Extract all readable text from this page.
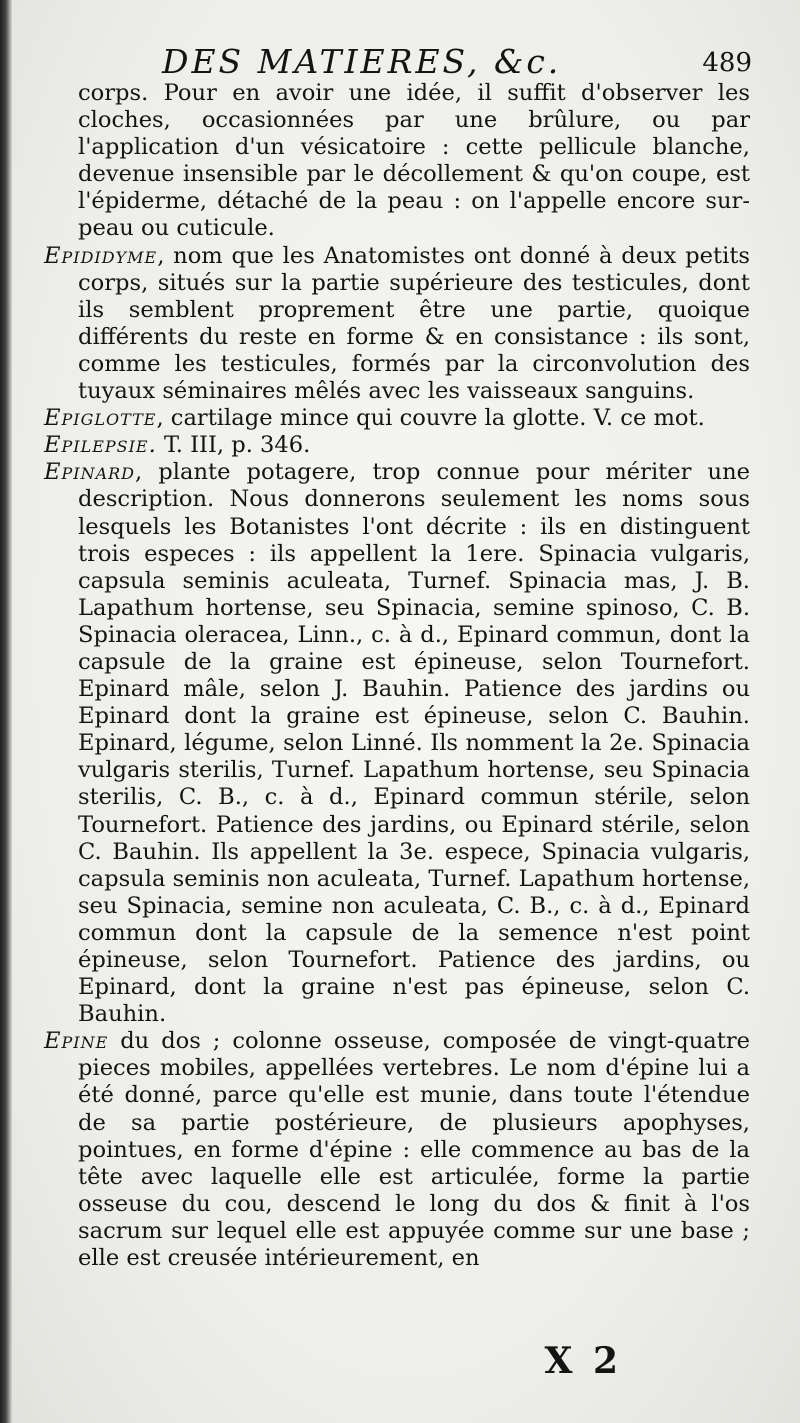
DES MATIERES, &c.	489

corps. Pour en avoir une idée, il suffit d'observer les cloches, occasionnées par une brûlure, ou par l'application d'un vésicatoire : cette pellicule blanche, devenue insensible par le décollement & qu'on coupe, est l'épiderme, détaché de la peau : on l'appelle encore sur-peau ou cuticule.

Epididyme, nom que les Anatomistes ont donné à deux petits corps, situés sur la partie supérieure des testicules, dont ils semblent proprement être une partie, quoique différents du reste en forme & en consistance : ils sont, comme les testicules, formés par la circonvolution des tuyaux séminaires mêlés avec les vaisseaux sanguins.

Epiglotte, cartilage mince qui couvre la glotte. V. ce mot.

Epilepsie. T. III, p. 346.

Epinard, plante potagere, trop connue pour mériter une description. Nous donnerons seulement les noms sous lesquels les Botanistes l'ont décrite : ils en distinguent trois especes : ils appellent la 1ere. Spinacia vulgaris, capsula seminis aculeata, Turnef. Spinacia mas, J. B. Lapathum hortense, seu Spinacia, semine spinoso, C. B. Spinacia oleracea, Linn., c. à d., Epinard commun, dont la capsule de la graine est épineuse, selon Tournefort. Epinard mâle, selon J. Bauhin. Patience des jardins ou Epinard dont la graine est épineuse, selon C. Bauhin. Epinard, légume, selon Linné. Ils nomment la 2e. Spinacia vulgaris sterilis, Turnef. Lapathum hortense, seu Spinacia sterilis, C. B., c. à d., Epinard commun stérile, selon Tournefort. Patience des jardins, ou Epinard stérile, selon C. Bauhin. Ils appellent la 3e. espece, Spinacia vulgaris, capsula seminis non aculeata, Turnef. Lapathum hortense, seu Spinacia, semine non aculeata, C. B., c. à d., Epinard commun dont la capsule de la semence n'est point épineuse, selon Tournefort. Patience des jardins, ou Epinard, dont la graine n'est pas épineuse, selon C. Bauhin.

Epine du dos ; colonne osseuse, composée de vingt-quatre pieces mobiles, appellées vertebres. Le nom d'épine lui a été donné, parce qu'elle est munie, dans toute l'étendue de sa partie postérieure, de plusieurs apophyses, pointues, en forme d'épine : elle commence au bas de la tête avec laquelle elle est articulée, forme la partie osseuse du cou, descend le long du dos & finit à l'os sacrum sur lequel elle est appuyée comme sur une base ; elle est creusée intérieurement, en

X 2
